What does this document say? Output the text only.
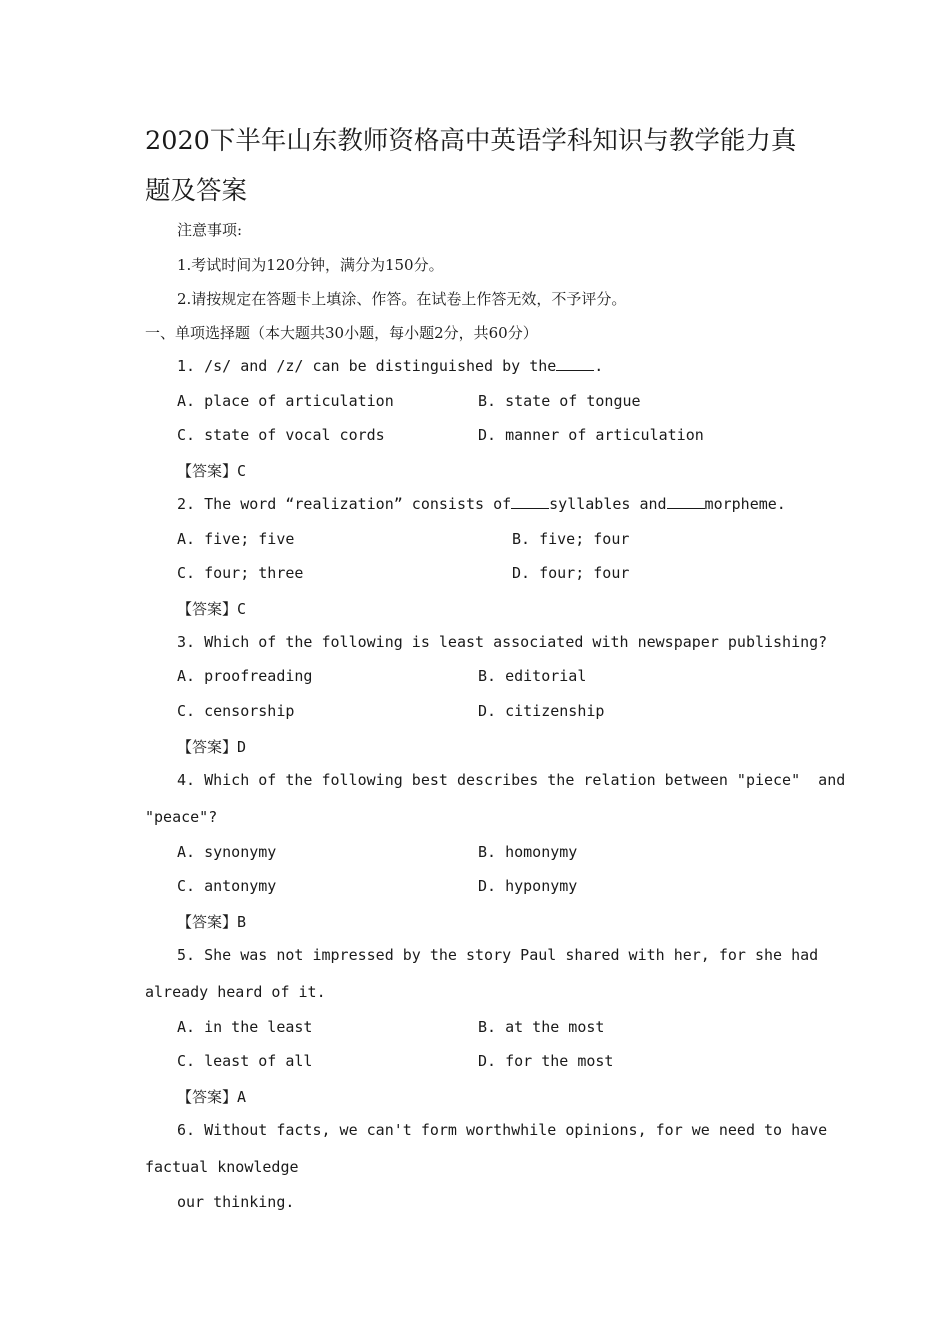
2020下半年山东教师资格高中英语学科知识与教学能力真
题及答案
注意事项:
1.考试时间为120分钟，满分为150分。
2.请按规定在答题卡上填涂、作答。在试卷上作答无效，不予评分。
一、单项选择题（本大题共30小题，每小题2分，共60分）
1. /s/ and /z/ can be distinguished by the	.
A. place of articulation	B. state of tongue
C. state of vocal cords	D. manner of articulation
【答案】C
2. The word “realization” consists of	syllables and	morpheme.
A. five; five	B. five; four
C. four; three	D. four; four
【答案】C
3. Which of the following is least associated with newspaper publishing?
A. proofreading	B. editorial
C. censorship	D. citizenship
【答案】D
4. Which of the following best describes the relation between "piece"  and
"peace"?
A. synonymy	B. homonymy
C. antonymy	D. hyponymy
【答案】B
5. She was not impressed by the story Paul shared with her, for she had
already heard of it.
A. in the least	B. at the most
C. least of all	D. for the most
【答案】A
6. Without facts, we can't form worthwhile opinions, for we need to have
factual knowledge
our thinking.
